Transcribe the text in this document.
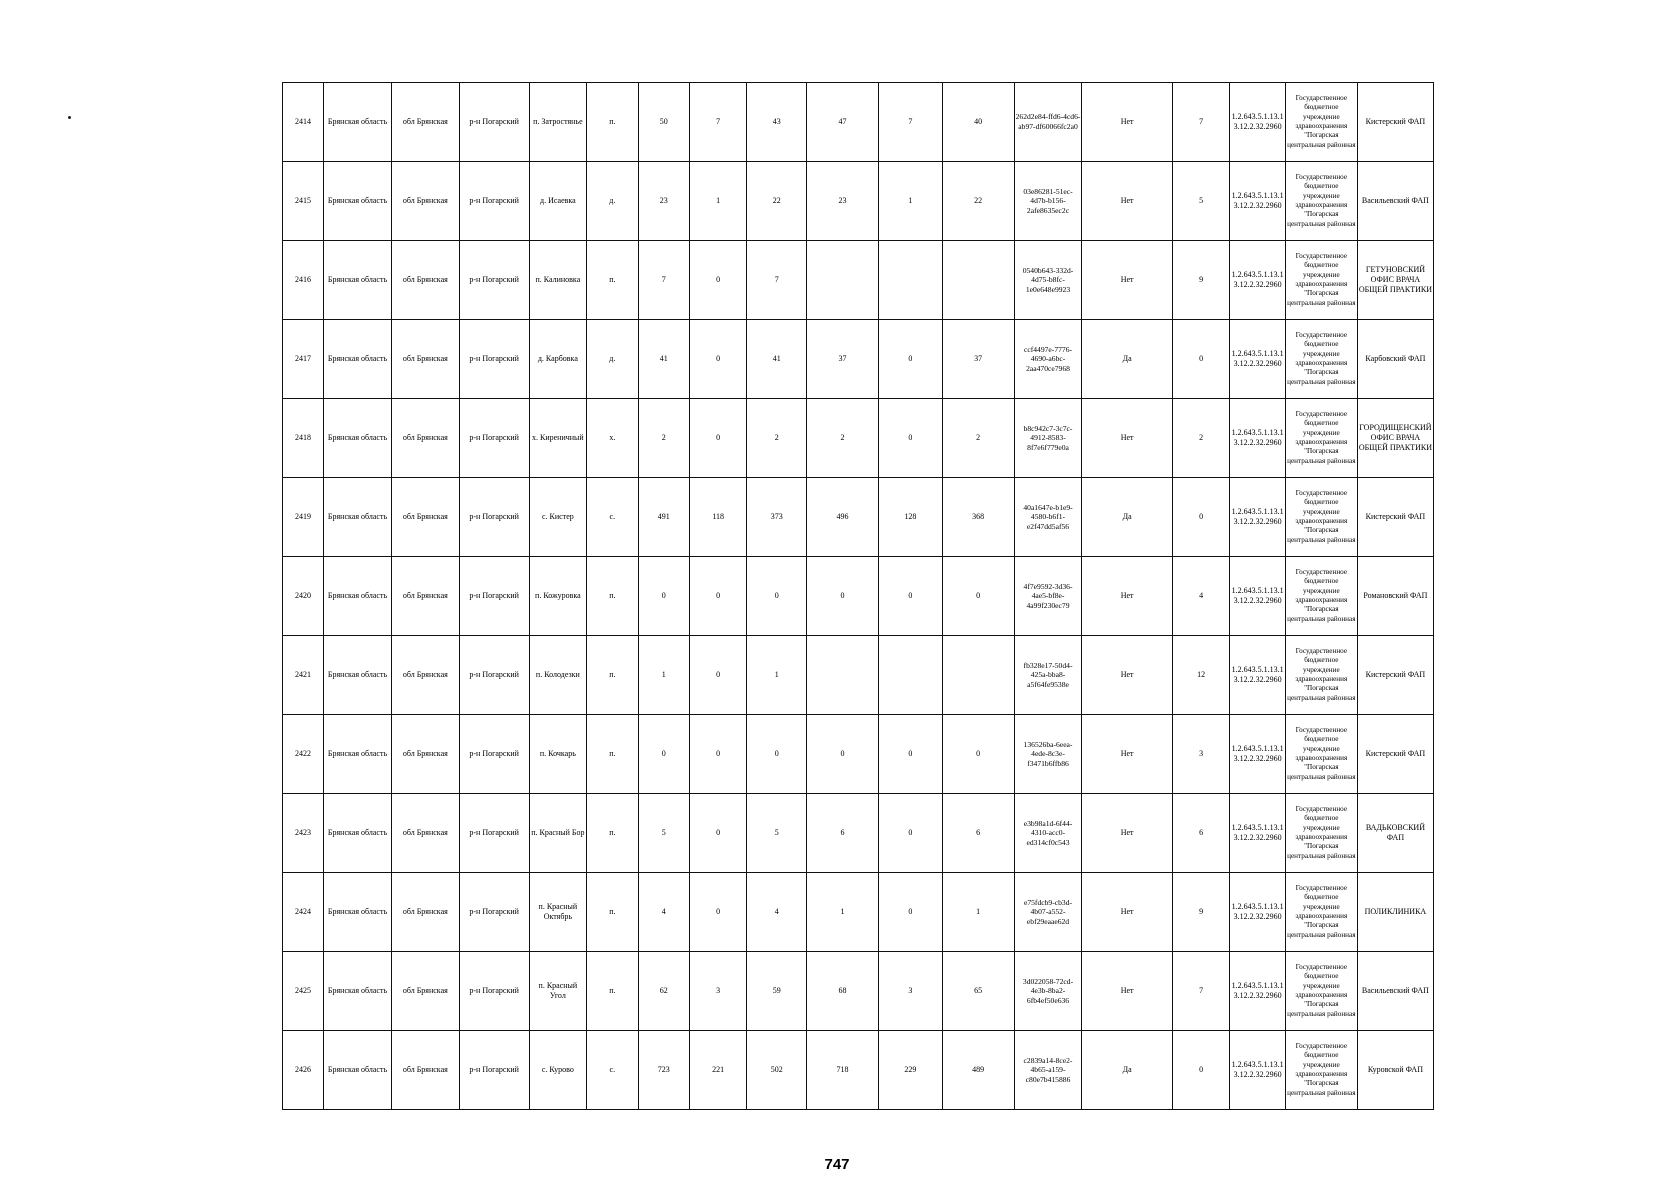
2414	Брянская область	обл Брянская	р-н Погарский	п. Затростянье	п.	50	7	43	47	7	40	262d2e84-ffd6-4cd6-ab97-df60066fc2a0	Нет	7	1.2.643.5.1.13.13.12.2.32.2960	Государственное бюджетное учреждение здравоохранения "Погарская центральная районная	Кистерский ФАП
2415	Брянская область	обл Брянская	р-н Погарский	д. Исаевка	д.	23	1	22	23	1	22	03e86281-51ec-4d7b-b156-2afe8635ec2c	Нет	5	1.2.643.5.1.13.13.12.2.32.2960	Государственное бюджетное учреждение здравоохранения "Погарская центральная районная	Васильевский ФАП
2416	Брянская область	обл Брянская	р-н Погарский	п. Калиновка	п.	7	0	7				0540b643-332d-4d75-b8fc-1e0e648e9923	Нет	9	1.2.643.5.1.13.13.12.2.32.2960	Государственное бюджетное учреждение здравоохранения "Погарская центральная районная	ГЕТУНОВСКИЙ ОФИС ВРАЧА ОБЩЕЙ ПРАКТИКИ
2417	Брянская область	обл Брянская	р-н Погарский	д. Карбовка	д.	41	0	41	37	0	37	ccf4497e-7776-4690-a6bc-2aa470ce7968	Да	0	1.2.643.5.1.13.13.12.2.32.2960	Государственное бюджетное учреждение здравоохранения "Погарская центральная районная	Карбовский ФАП
2418	Брянская область	обл Брянская	р-н Погарский	х. Киреничный	х.	2	0	2	2	0	2	b8c942c7-3c7c-4912-8583-8f7e6f779e0a	Нет	2	1.2.643.5.1.13.13.12.2.32.2960	Государственное бюджетное учреждение здравоохранения "Погарская центральная районная	ГОРОДИЩЕНСКИЙ ОФИС ВРАЧА ОБЩЕЙ ПРАКТИКИ
2419	Брянская область	обл Брянская	р-н Погарский	с. Кистер	с.	491	118	373	496	128	368	40a1647e-b1e9-4580-b6f1-e2f47dd5af56	Да	0	1.2.643.5.1.13.13.12.2.32.2960	Государственное бюджетное учреждение здравоохранения "Погарская центральная районная	Кистерский ФАП
2420	Брянская область	обл Брянская	р-н Погарский	п. Кожуровка	п.	0	0	0	0	0	0	4f7e9592-3d36-4ae5-bf8e-4a99f230ec79	Нет	4	1.2.643.5.1.13.13.12.2.32.2960	Государственное бюджетное учреждение здравоохранения "Погарская центральная районная	Романовский ФАП
2421	Брянская область	обл Брянская	р-н Погарский	п. Колодезки	п.	1	0	1				fb328e17-50d4-425a-bba8-a5f64fe9538e	Нет	12	1.2.643.5.1.13.13.12.2.32.2960	Государственное бюджетное учреждение здравоохранения "Погарская центральная районная	Кистерский ФАП
2422	Брянская область	обл Брянская	р-н Погарский	п. Кочкарь	п.	0	0	0	0	0	0	136526ba-6eea-4ede-8c3e-f3471b6ffb86	Нет	3	1.2.643.5.1.13.13.12.2.32.2960	Государственное бюджетное учреждение здравоохранения "Погарская центральная районная	Кистерский ФАП
2423	Брянская область	обл Брянская	р-н Погарский	п. Красный Бор	п.	5	0	5	6	0	6	e3b98a1d-6f44-4310-acc0-ed314cf0c543	Нет	6	1.2.643.5.1.13.13.12.2.32.2960	Государственное бюджетное учреждение здравоохранения "Погарская центральная районная	ВАДЬКОВСКИЙ ФАП
2424	Брянская область	обл Брянская	р-н Погарский	п. Красный Октябрь	п.	4	0	4	1	0	1	e75fdcb9-cb3d-4b07-a552-ebf29eaae62d	Нет	9	1.2.643.5.1.13.13.12.2.32.2960	Государственное бюджетное учреждение здравоохранения "Погарская центральная районная	ПОЛИКЛИНИКА
2425	Брянская область	обл Брянская	р-н Погарский	п. Красный Угол	п.	62	3	59	68	3	65	3d022058-72cd-4e3b-8ba2-6fb4ef50e636	Нет	7	1.2.643.5.1.13.13.12.2.32.2960	Государственное бюджетное учреждение здравоохранения "Погарская центральная районная	Васильевский ФАП
2426	Брянская область	обл Брянская	р-н Погарский	с. Курово	с.	723	221	502	718	229	489	c2839a14-8ce2-4b65-a159-c80e7b415886	Да	0	1.2.643.5.1.13.13.12.2.32.2960	Государственное бюджетное учреждение здравоохранения "Погарская центральная районная	Куровской ФАП
747
